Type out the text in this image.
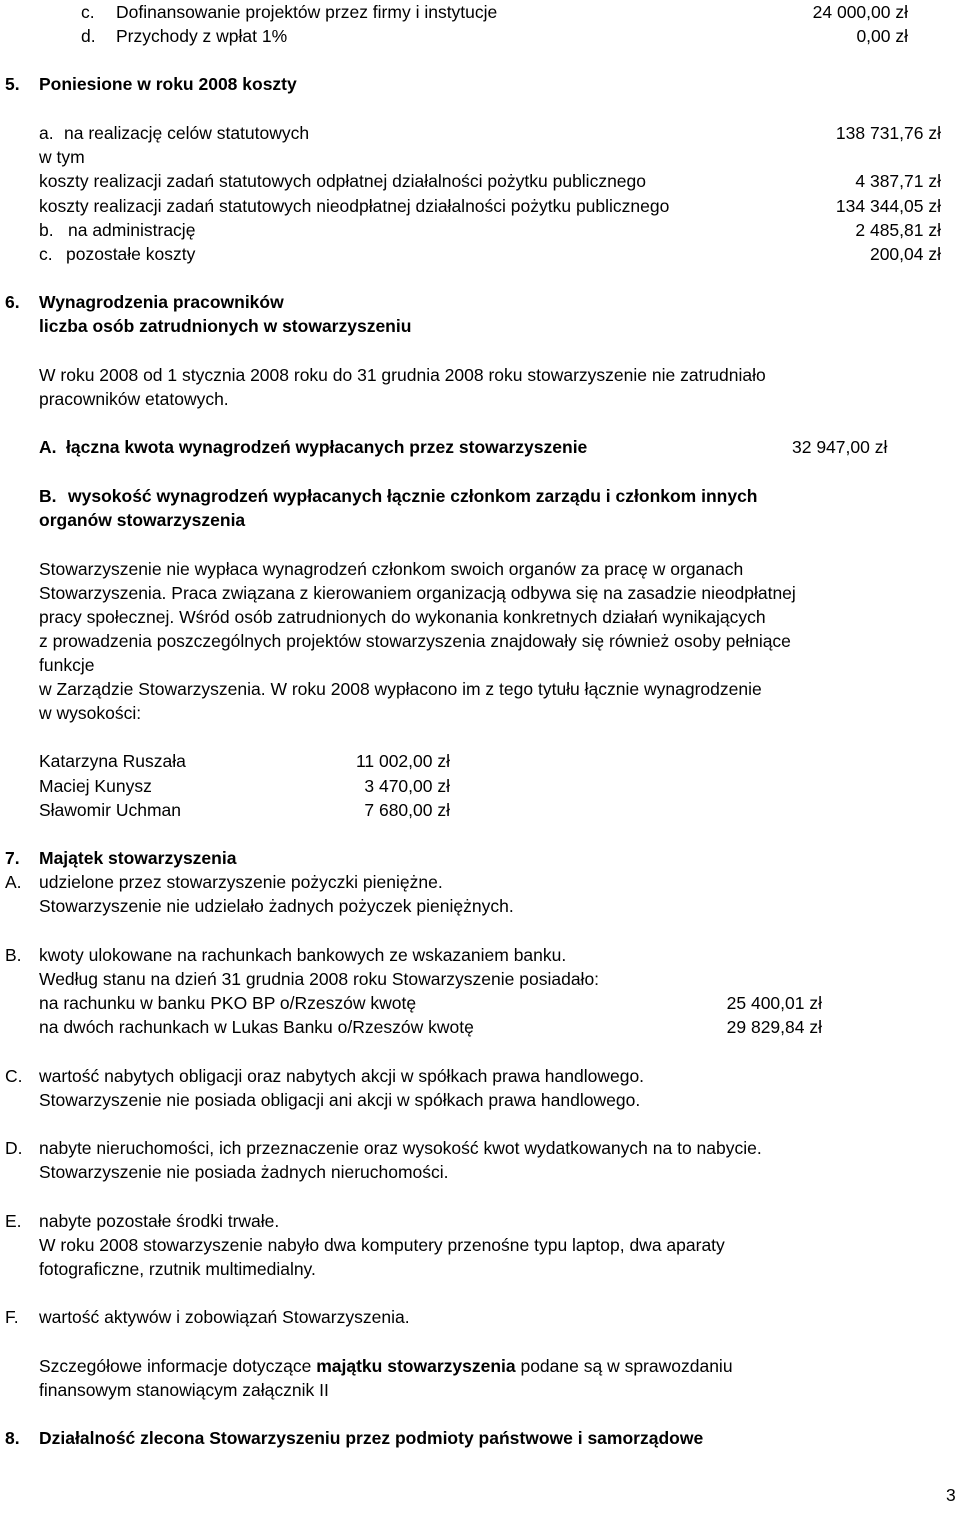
c. Dofinansowanie projektów przez firmy i instytucje	24 000,00 zł
d. Przychody z wpłat 1%	0,00 zł
5. Poniesione w roku 2008 koszty
a. na realizację celów statutowych	138 731,76 zł
w tym
koszty realizacji zadań statutowych odpłatnej działalności pożytku publicznego	4 387,71 zł
koszty realizacji zadań statutowych nieodpłatnej działalności pożytku publicznego	134 344,05 zł
b. na administrację	2 485,81 zł
c. pozostałe koszty	200,04 zł
6. Wynagrodzenia pracowników
liczba osób zatrudnionych w stowarzyszeniu
W roku 2008 od 1 stycznia 2008 roku do 31 grudnia 2008 roku stowarzyszenie nie zatrudniało
pracowników etatowych.
A. łączna kwota wynagrodzeń wypłacanych przez stowarzyszenie	32 947,00 zł
B. wysokość wynagrodzeń wypłacanych łącznie członkom zarządu i członkom innych
organów stowarzyszenia
Stowarzyszenie nie wypłaca wynagrodzeń członkom swoich organów za pracę w organach
Stowarzyszenia. Praca związana z kierowaniem organizacją odbywa się na zasadzie nieodpłatnej
pracy społecznej. Wśród osób zatrudnionych do wykonania konkretnych działań wynikających
z prowadzenia poszczególnych projektów stowarzyszenia znajdowały się również osoby pełniące
funkcje
w Zarządzie Stowarzyszenia. W roku 2008 wypłacono im z tego tytułu łącznie wynagrodzenie
w wysokości:
Katarzyna Ruszała	11 002,00 zł
Maciej Kunysz	3 470,00 zł
Sławomir Uchman	7 680,00 zł
7. Majątek stowarzyszenia
A. udzielone przez stowarzyszenie pożyczki pieniężne.
Stowarzyszenie nie udzielało żadnych pożyczek pieniężnych.
B. kwoty ulokowane na rachunkach bankowych ze wskazaniem banku.
Według stanu na dzień 31 grudnia 2008 roku Stowarzyszenie posiadało:
na rachunku w banku PKO BP o/Rzeszów kwotę	25 400,01 zł
na dwóch rachunkach w Lukas Banku o/Rzeszów kwotę	29 829,84 zł
C. wartość nabytych obligacji oraz nabytych akcji w spółkach prawa handlowego.
Stowarzyszenie nie posiada obligacji ani akcji w spółkach prawa handlowego.
D. nabyte nieruchomości, ich przeznaczenie oraz wysokość kwot wydatkowanych na to nabycie.
Stowarzyszenie nie posiada żadnych nieruchomości.
E. nabyte pozostałe środki trwałe.
W roku 2008 stowarzyszenie nabyło dwa komputery przenośne typu laptop, dwa aparaty
fotograficzne, rzutnik multimedialny.
F. wartość aktywów i zobowiązań Stowarzyszenia.
Szczegółowe informacje dotyczące majątku stowarzyszenia podane są w sprawozdaniu
finansowym stanowiącym załącznik II
8. Działalność zlecona Stowarzyszeniu przez podmioty państwowe i samorządowe
3
